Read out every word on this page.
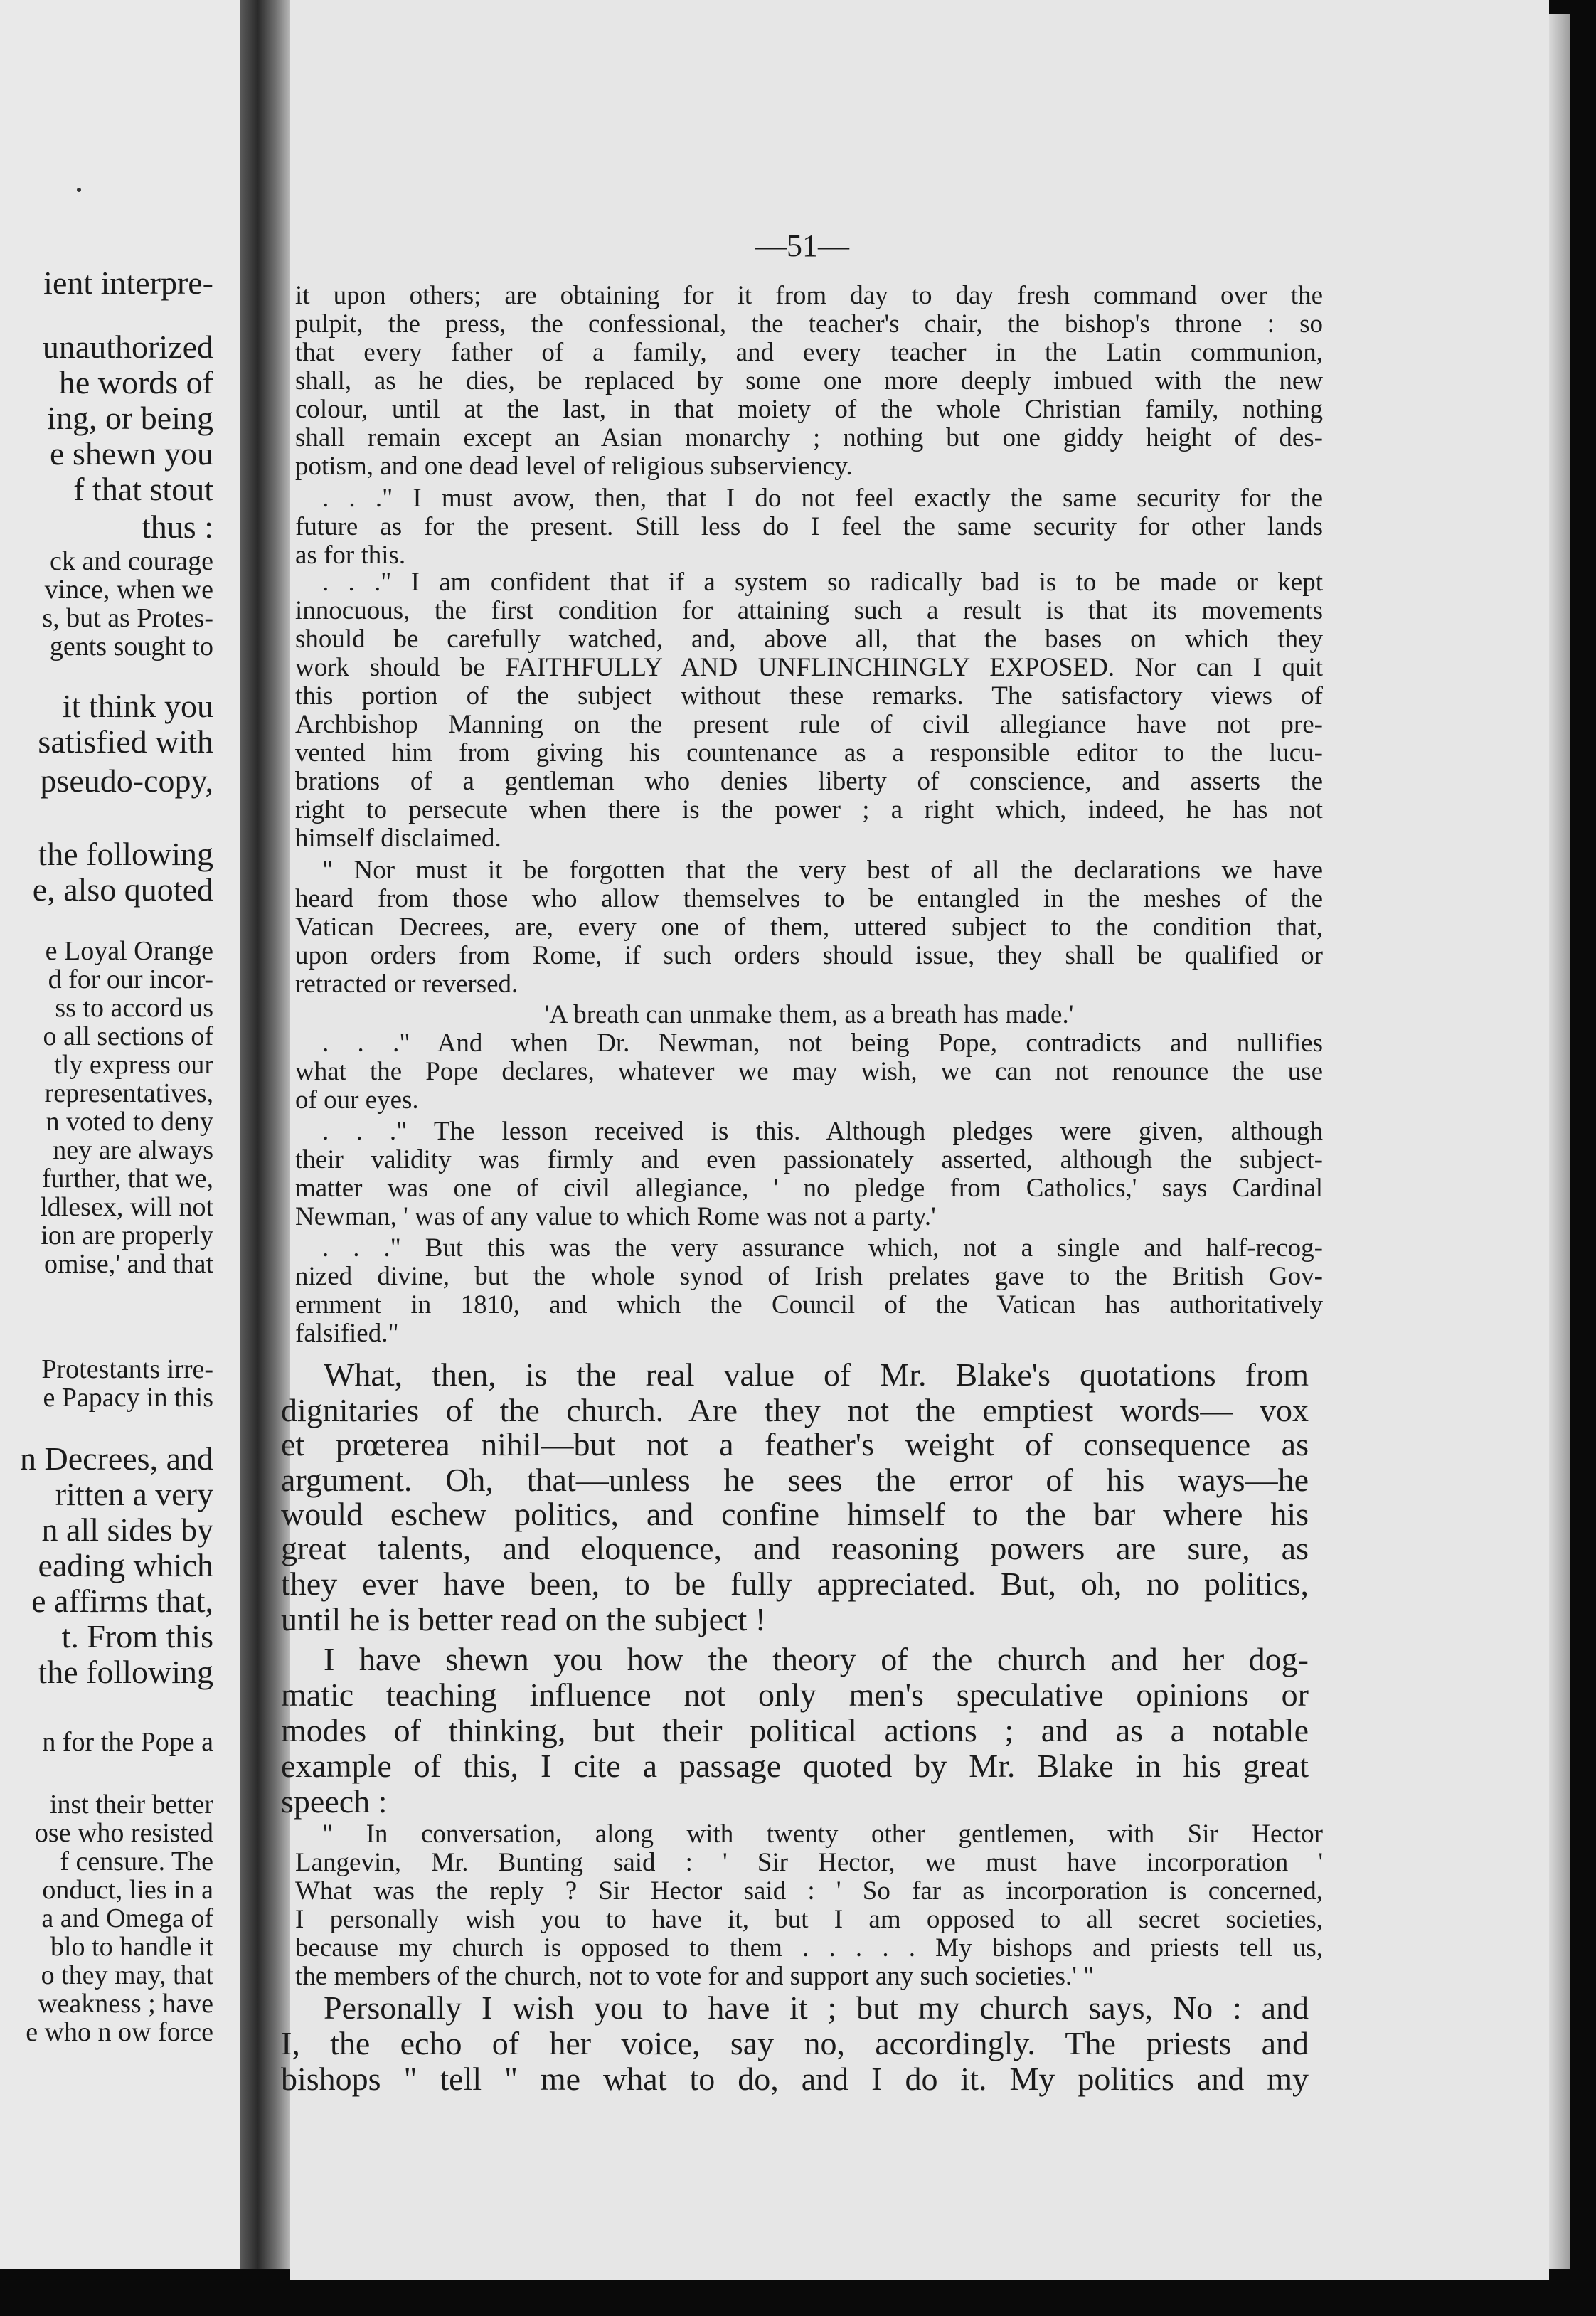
—51—
ient interpre-
unauthorized
he words of
ing, or being
e shewn you
f that stout
thus :
ck and courage
vince, when we
s, but as Protes-
gents sought to
it think you
satisfied with
pseudo-copy,
the following
e, also quoted
e Loyal Orange
d for our incor-
ss to accord us
o all sections of
tly express our
representatives,
n voted to deny
ney are always
further, that we,
ldlesex, will not
ion are properly
omise,' and that
Protestants irre-
e Papacy in this
n Decrees, and
ritten a very
n all sides by
eading which
e affirms that,
t. From this
the following
n for the Pope a
inst their better
ose who resisted
f censure. The
onduct, lies in a
a and Omega of
blo to handle it
o they may, that
weakness ; have
e who n ow force
it upon others; are obtaining for it from day to day fresh command over the
pulpit, the press, the confessional, the teacher's chair, the bishop's throne : so
that every father of a family, and every teacher in the Latin communion,
shall, as he dies, be replaced by some one more deeply imbued with the new
colour, until at the last, in that moiety of the whole Christian family, nothing
shall remain except an Asian monarchy ; nothing but one giddy height of des-
potism, and one dead level of religious subserviency.
. . ." I must avow, then, that I do not feel exactly the same security for the
future as for the present. Still less do I feel the same security for other lands
as for this.
. . ." I am confident that if a system so radically bad is to be made or kept
innocuous, the first condition for attaining such a result is that its movements
should be carefully watched, and, above all, that the bases on which they
work should be FAITHFULLY AND UNFLINCHINGLY EXPOSED. Nor can I quit
this portion of the subject without these remarks. The satisfactory views of
Archbishop Manning on the present rule of civil allegiance have not pre-
vented him from giving his countenance as a responsible editor to the lucu-
brations of a gentleman who denies liberty of conscience, and asserts the
right to persecute when there is the power ; a right which, indeed, he has not
himself disclaimed.
" Nor must it be forgotten that the very best of all the declarations we have
heard from those who allow themselves to be entangled in the meshes of the
Vatican Decrees, are, every one of them, uttered subject to the condition that,
upon orders from Rome, if such orders should issue, they shall be qualified or
retracted or reversed.
'A breath can unmake them, as a breath has made.'
. . ." And when Dr. Newman, not being Pope, contradicts and nullifies
what the Pope declares, whatever we may wish, we can not renounce the use
of our eyes.
. . ." The lesson received is this. Although pledges were given, although
their validity was firmly and even passionately asserted, although the subject-
matter was one of civil allegiance, ' no pledge from Catholics,' says Cardinal
Newman, ' was of any value to which Rome was not a party.'
. . ." But this was the very assurance which, not a single and half-recog-
nized divine, but the whole synod of Irish prelates gave to the British Gov-
ernment in 1810, and which the Council of the Vatican has authoritatively
falsified."
What, then, is the real value of Mr. Blake's quotations from
dignitaries of the church. Are they not the emptiest words— vox
et prœterea nihil—but not a feather's weight of consequence as
argument. Oh, that—unless he sees the error of his ways—he
would eschew politics, and confine himself to the bar where his
great talents, and eloquence, and reasoning powers are sure, as
they ever have been, to be fully appreciated. But, oh, no politics,
until he is better read on the subject !
I have shewn you how the theory of the church and her dog-
matic teaching influence not only men's speculative opinions or
modes of thinking, but their political actions ; and as a notable
example of this, I cite a passage quoted by Mr. Blake in his great
speech :
" In conversation, along with twenty other gentlemen, with Sir Hector
Langevin, Mr. Bunting said : ' Sir Hector, we must have incorporation '
What was the reply ? Sir Hector said : ' So far as incorporation is concerned,
I personally wish you to have it, but I am opposed to all secret societies,
because my church is opposed to them . . . . . My bishops and priests tell us,
the members of the church, not to vote for and support any such societies.' "
Personally I wish you to have it ; but my church says, No : and
I, the echo of her voice, say no, accordingly. The priests and
bishops " tell " me what to do, and I do it. My politics and my
